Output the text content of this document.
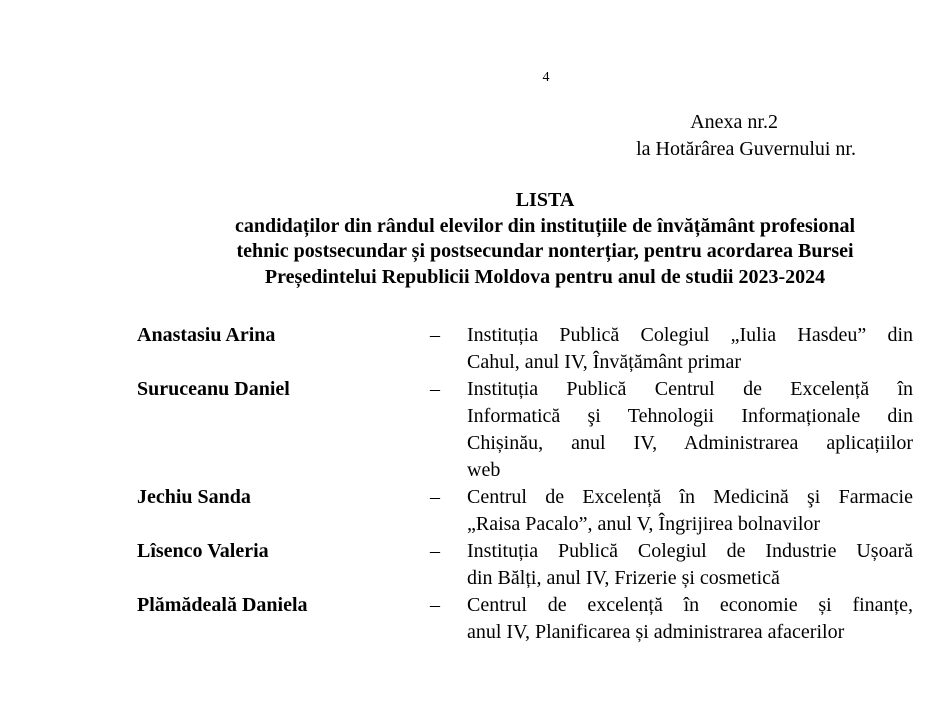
4
Anexa nr.2
la Hotărârea Guvernului nr.
LISTA
candidaților din rândul elevilor din instituțiile de învățământ profesional
tehnic postsecundar și postsecundar nonterțiar, pentru acordarea Bursei
Președintelui Republicii Moldova pentru anul de studii 2023-2024
Anastasiu Arina	– Instituția Publică Colegiul „Iulia Hasdeu” din
Cahul, anul IV, Învățământ primar
Suruceanu Daniel	– Instituția Publică Centrul de Excelență în
Informatică şi Tehnologii Informaționale din
Chișinău, anul IV, Administrarea aplicațiilor
web
Jechiu Sanda	– Centrul de Excelență în Medicină şi Farmacie
„Raisa Pacalo”, anul V, Îngrijirea bolnavilor
Lîsenco Valeria	– Instituția Publică Colegiul de Industrie Ușoară
din Bălți, anul IV, Frizerie și cosmetică
Plămădeală Daniela	– Centrul de excelență în economie și finanțe,
anul IV, Planificarea și administrarea afacerilor
